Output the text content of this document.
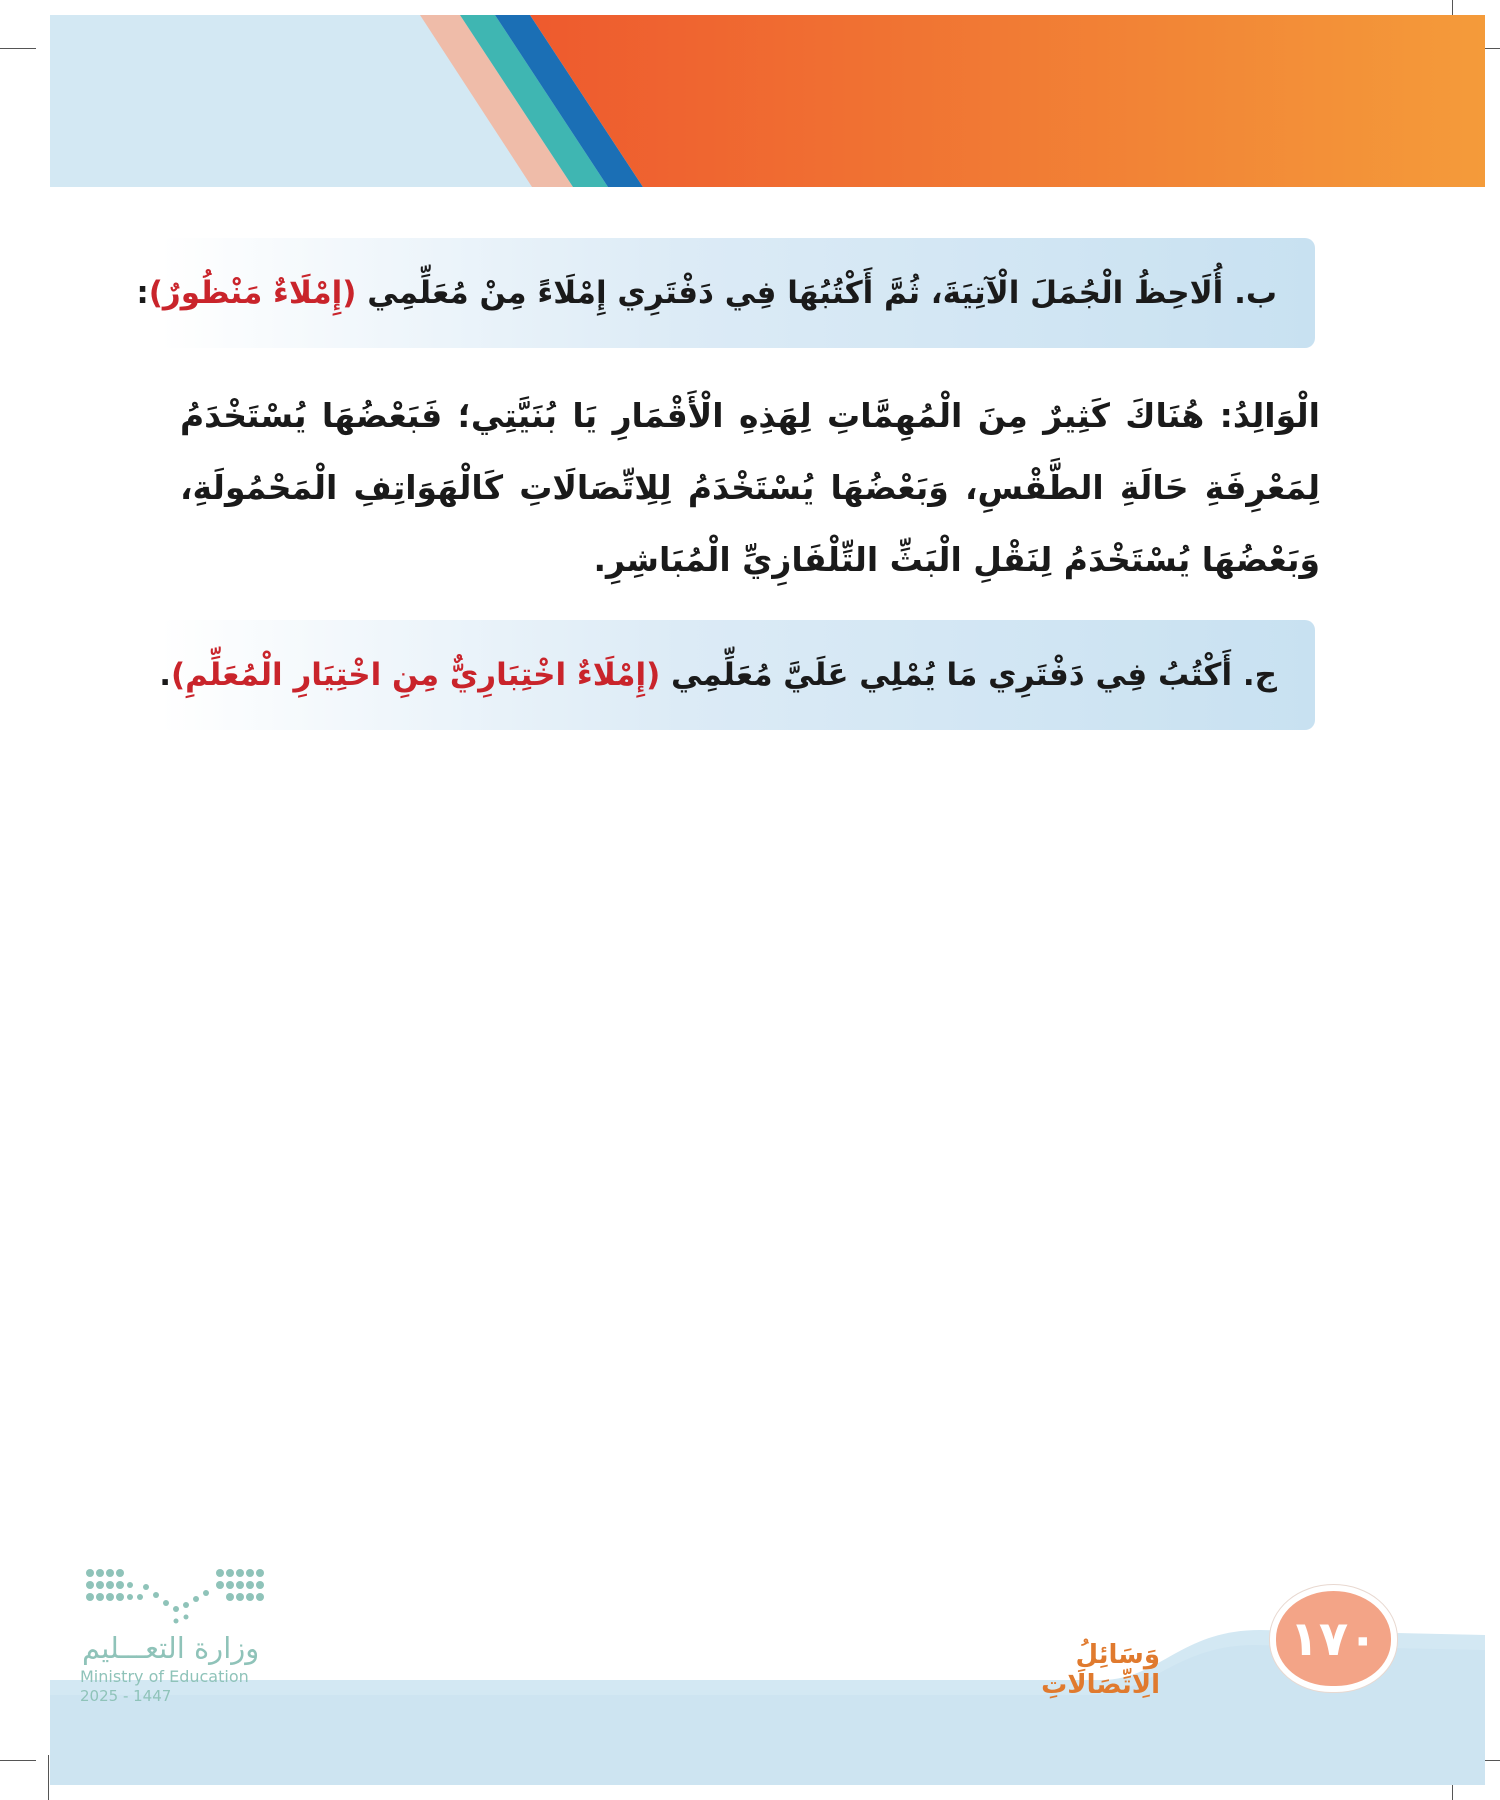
ب. أُلَاحِظُ الْجُمَلَ الْآتِيَةَ، ثُمَّ أَكْتُبُهَا فِي دَفْتَرِي إِمْلَاءً مِنْ مُعَلِّمِي (إِمْلَاءٌ مَنْظُورٌ):
الْوَالِدُ: هُنَاكَ كَثِيرٌ مِنَ الْمُهِمَّاتِ لِهَذِهِ الْأَقْمَارِ يَا بُنَيَّتِي؛ فَبَعْضُهَا يُسْتَخْدَمُ لِمَعْرِفَةِ حَالَةِ الطَّقْسِ، وَبَعْضُهَا يُسْتَخْدَمُ لِلِاتِّصَالَاتِ كَالْهَوَاتِفِ الْمَحْمُولَةِ، وَبَعْضُهَا يُسْتَخْدَمُ لِنَقْلِ الْبَثِّ التِّلْفَازِيِّ الْمُبَاشِرِ.
ج. أَكْتُبُ فِي دَفْتَرِي مَا يُمْلِي عَلَيَّ مُعَلِّمِي (إِمْلَاءٌ اخْتِبَارِيٌّ مِنِ اخْتِيَارِ الْمُعَلِّمِ).
وَسَائِلُ الِاتِّصَالَاتِ
١٧٠
وزارة التعـــليم
Ministry of Education
2025 - 1447
